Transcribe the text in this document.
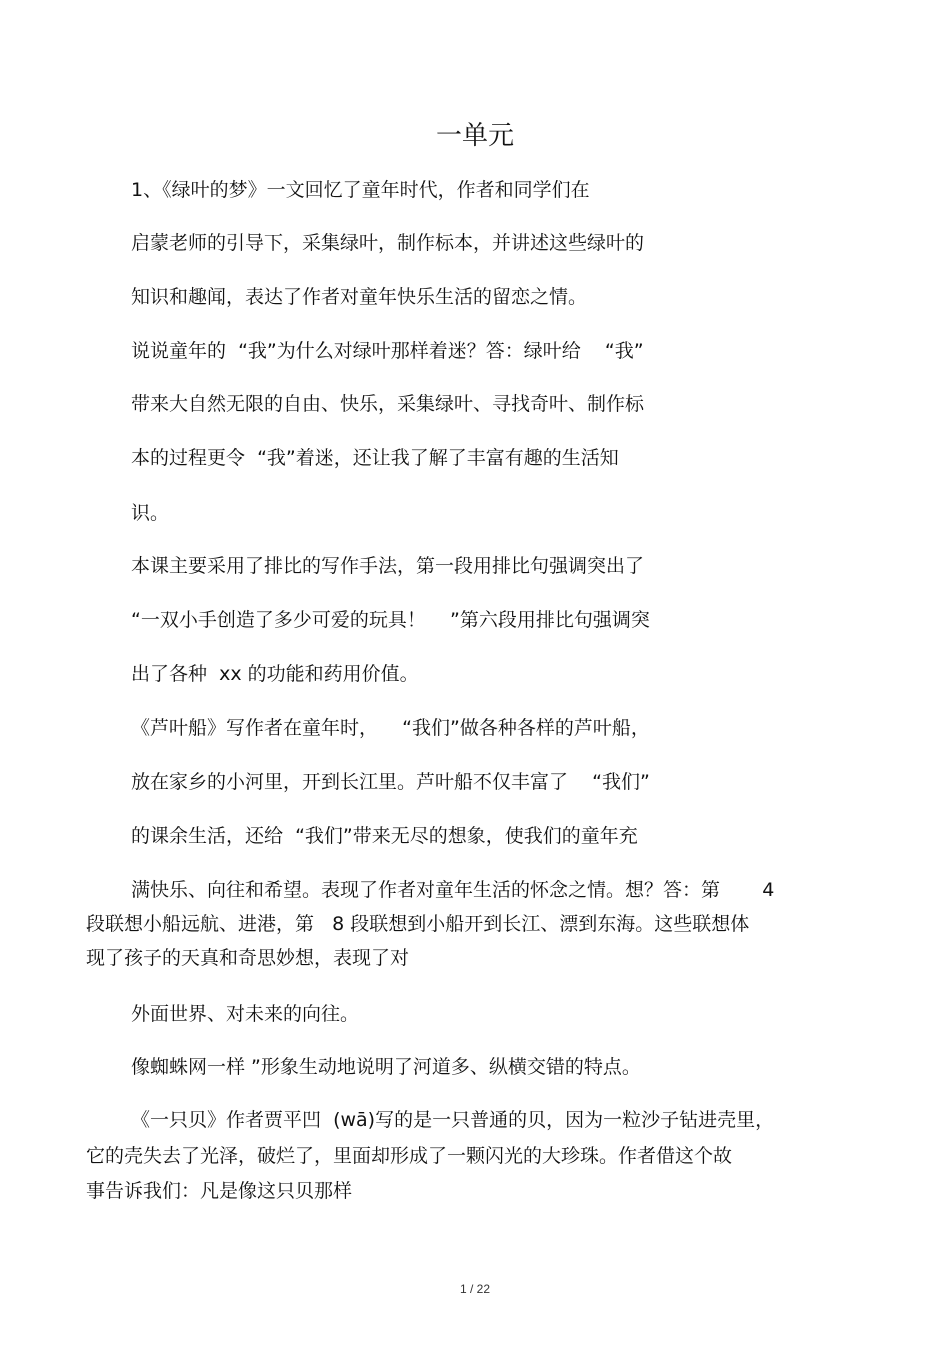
一单元
1、《绿叶的梦》一文回忆了童年时代，作者和同学们在
启蒙老师的引导下，采集绿叶，制作标本，并讲述这些绿叶的
知识和趣闻，表达了作者对童年快乐生活的留恋之情。
说说童年的  “我”为什么对绿叶那样着迷？答：绿叶给    “我”
带来大自然无限的自由、快乐，采集绿叶、寻找奇叶、制作标
本的过程更令  “我”着迷，还让我了解了丰富有趣的生活知
识。
本课主要采用了排比的写作手法，第一段用排比句强调突出了
“一双小手创造了多少可爱的玩具！    ”第六段用排比句强调突
出了各种  xx 的功能和药用价值。
《芦叶船》写作者在童年时，    “我们”做各种各样的芦叶船，
放在家乡的小河里，开到长江里。芦叶船不仅丰富了    “我们”
的课余生活，还给  “我们”带来无尽的想象，使我们的童年充
满快乐、向往和希望。表现了作者对童年生活的怀念之情。想？答：第       4
段联想小船远航、进港，第   8 段联想到小船开到长江、漂到东海。这些联想体
现了孩子的天真和奇思妙想，表现了对
外面世界、对未来的向往。
像蜘蛛网一样 ”形象生动地说明了河道多、纵横交错的特点。
《一只贝》作者贾平凹  (wā)写的是一只普通的贝，因为一粒沙子钻进壳里，
它的壳失去了光泽，破烂了，里面却形成了一颗闪光的大珍珠。作者借这个故
事告诉我们：凡是像这只贝那样
1 / 22
